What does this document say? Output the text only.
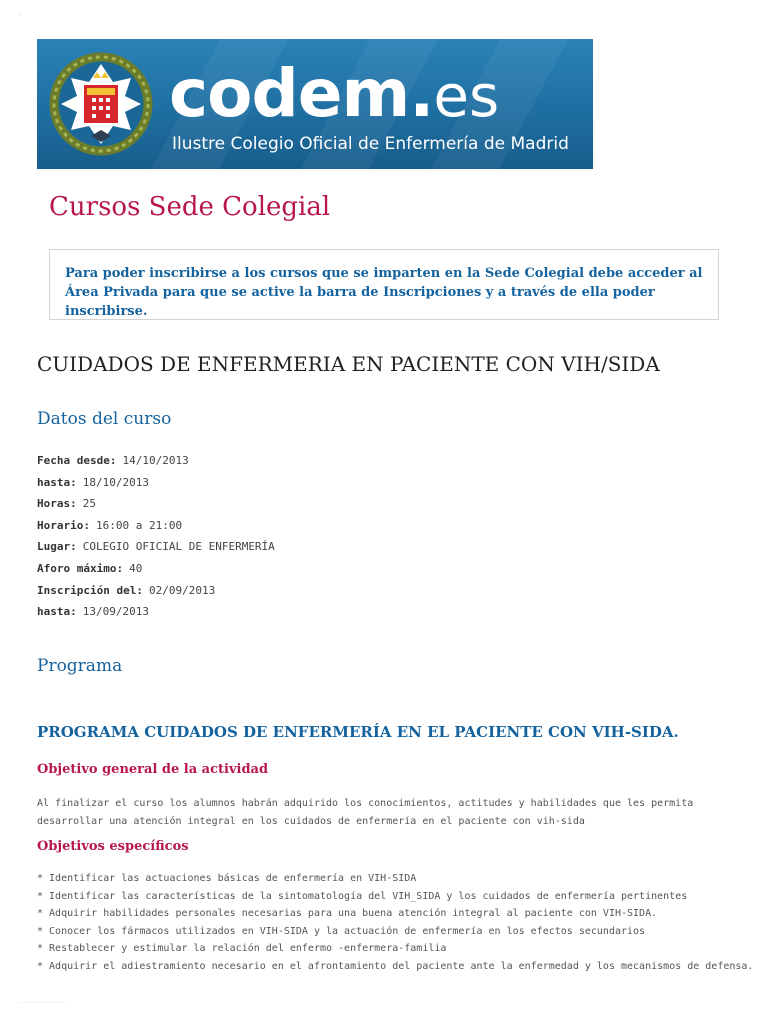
—
codem.es
Ilustre Colegio Oficial de Enfermería de Madrid
Cursos Sede Colegial
Para poder inscribirse a los cursos que se imparten en la Sede Colegial debe acceder al Área Privada para que se active la barra de Inscripciones y a través de ella poder inscribirse.
CUIDADOS DE ENFERMERIA EN PACIENTE CON VIH/SIDA
Datos del curso
Fecha desde: 14/10/2013
hasta: 18/10/2013
Horas: 25
Horario: 16:00 a 21:00
Lugar: COLEGIO OFICIAL DE ENFERMERÍA
Aforo máximo: 40
Inscripción del: 02/09/2013
hasta: 13/09/2013
Programa
PROGRAMA CUIDADOS DE ENFERMERÍA EN EL PACIENTE CON VIH-SIDA.
Objetivo general de la actividad

Al finalizar el curso los alumnos habrán adquirido los conocimientos, actitudes y habilidades que les permita desarrollar una atención integral en los cuidados de enfermería en el paciente con vih-sida

Objetivos específicos
* Identificar las actuaciones básicas de enfermería en VIH-SIDA
* Identificar las características de la sintomatología del VIH_SIDA y los cuidados de enfermería pertinentes
* Adquirir habilidades personales necesarias para una buena atención integral al paciente con VIH-SIDA.
* Conocer los fármacos utilizados en VIH-SIDA y la actuación de enfermería en los efectos secundarios
* Restablecer y estimular la relación del enfermo -enfermera-familia
* Adquirir el adiestramiento necesario en el afrontamiento del paciente ante la enfermedad y los mecanismos de defensa.
…………………………………………
